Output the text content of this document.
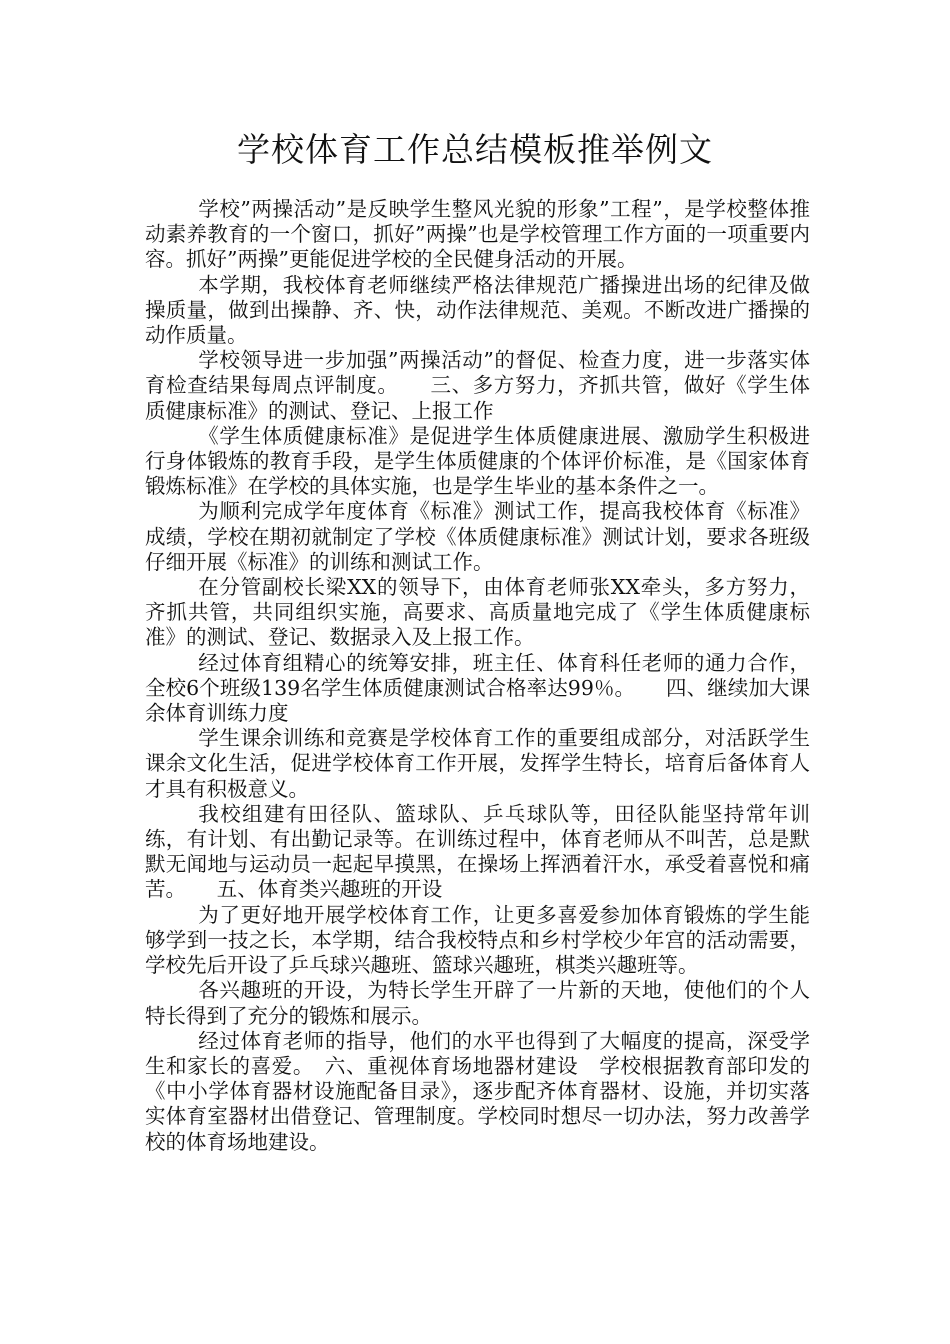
学校体育工作总结模板推举例文

学校”两操活动”是反映学生整风光貌的形象”工程”，是学校整体推动素养教育的一个窗口，抓好”两操”也是学校管理工作方面的一项重要内容。抓好”两操”更能促进学校的全民健身活动的开展。

本学期，我校体育老师继续严格法律规范广播操进出场的纪律及做操质量，做到出操静、齐、快，动作法律规范、美观。不断改进广播操的动作质量。

学校领导进一步加强”两操活动”的督促、检查力度，进一步落实体育检查结果每周点评制度。　　三、多方努力，齐抓共管，做好《学生体质健康标准》的测试、登记、上报工作

《学生体质健康标准》是促进学生体质健康进展、激励学生积极进行身体锻炼的教育手段，是学生体质健康的个体评价标准，是《国家体育锻炼标准》在学校的具体实施，也是学生毕业的基本条件之一。

为顺利完成学年度体育《标准》测试工作，提高我校体育《标准》成绩，学校在期初就制定了学校《体质健康标准》测试计划，要求各班级仔细开展《标准》的训练和测试工作。

在分管副校长梁XX的领导下，由体育老师张XX牵头，多方努力，齐抓共管，共同组织实施，高要求、高质量地完成了《学生体质健康标准》的测试、登记、数据录入及上报工作。

经过体育组精心的统筹安排，班主任、体育科任老师的通力合作，全校6个班级139名学生体质健康测试合格率达99％。　　四、继续加大课余体育训练力度

学生课余训练和竞赛是学校体育工作的重要组成部分，对活跃学生课余文化生活，促进学校体育工作开展，发挥学生特长，培育后备体育人才具有积极意义。

我校组建有田径队、篮球队、乒乓球队等，田径队能坚持常年训练，有计划、有出勤记录等。在训练过程中，体育老师从不叫苦，总是默默无闻地与运动员一起起早摸黑，在操场上挥洒着汗水，承受着喜悦和痛苦。　　五、体育类兴趣班的开设

为了更好地开展学校体育工作，让更多喜爱参加体育锻炼的学生能够学到一技之长，本学期，结合我校特点和乡村学校少年宫的活动需要，学校先后开设了乒乓球兴趣班、篮球兴趣班，棋类兴趣班等。

各兴趣班的开设，为特长学生开辟了一片新的天地，使他们的个人特长得到了充分的锻炼和展示。

经过体育老师的指导，他们的水平也得到了大幅度的提高，深受学生和家长的喜爱。　六、重视体育场地器材建设　学校根据教育部印发的《中小学体育器材设施配备目录》，逐步配齐体育器材、设施，并切实落实体育室器材出借登记、管理制度。学校同时想尽一切办法，努力改善学校的体育场地建设。
